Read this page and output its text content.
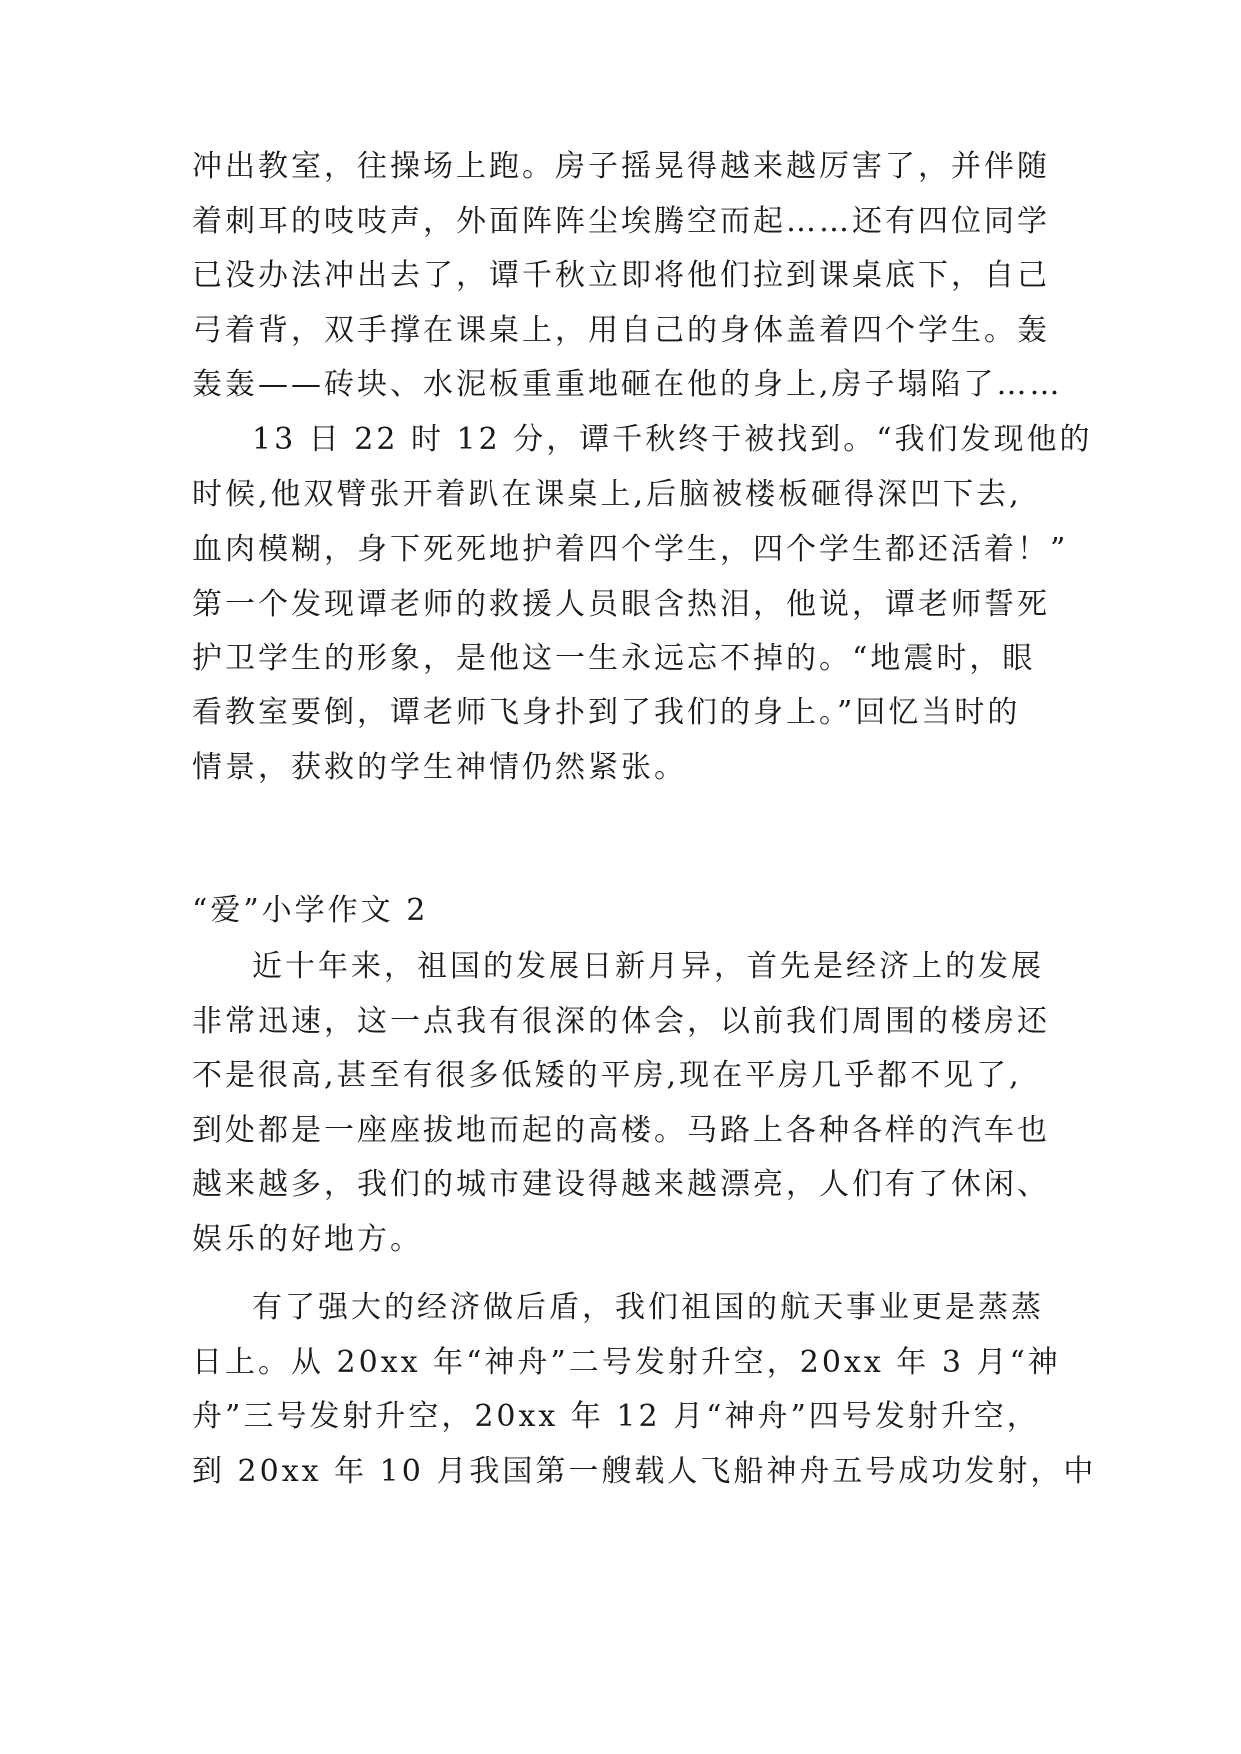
冲出教室，往操场上跑。房子摇晃得越来越厉害了，并伴随
着刺耳的吱吱声，外面阵阵尘埃腾空而起……还有四位同学
已没办法冲出去了，谭千秋立即将他们拉到课桌底下，自己
弓着背，双手撑在课桌上，用自己的身体盖着四个学生。轰
轰轰——砖块、水泥板重重地砸在他的身上,房子塌陷了……
13 日 22 时 12 分，谭千秋终于被找到。“我们发现他的
时候,他双臂张开着趴在课桌上,后脑被楼板砸得深凹下去,
血肉模糊，身下死死地护着四个学生，四个学生都还活着！”
第一个发现谭老师的救援人员眼含热泪，他说，谭老师誓死
护卫学生的形象，是他这一生永远忘不掉的。“地震时，眼
看教室要倒，谭老师飞身扑到了我们的身上。”回忆当时的
情景，获救的学生神情仍然紧张。
“爱”小学作文 2
近十年来，祖国的发展日新月异，首先是经济上的发展
非常迅速，这一点我有很深的体会，以前我们周围的楼房还
不是很高,甚至有很多低矮的平房,现在平房几乎都不见了,
到处都是一座座拔地而起的高楼。马路上各种各样的汽车也
越来越多，我们的城市建设得越来越漂亮，人们有了休闲、
娱乐的好地方。
有了强大的经济做后盾，我们祖国的航天事业更是蒸蒸
日上。从 20xx 年“神舟”二号发射升空，20xx 年 3 月“神
舟”三号发射升空，20xx 年 12 月“神舟”四号发射升空，
到 20xx 年 10 月我国第一艘载人飞船神舟五号成功发射，中
